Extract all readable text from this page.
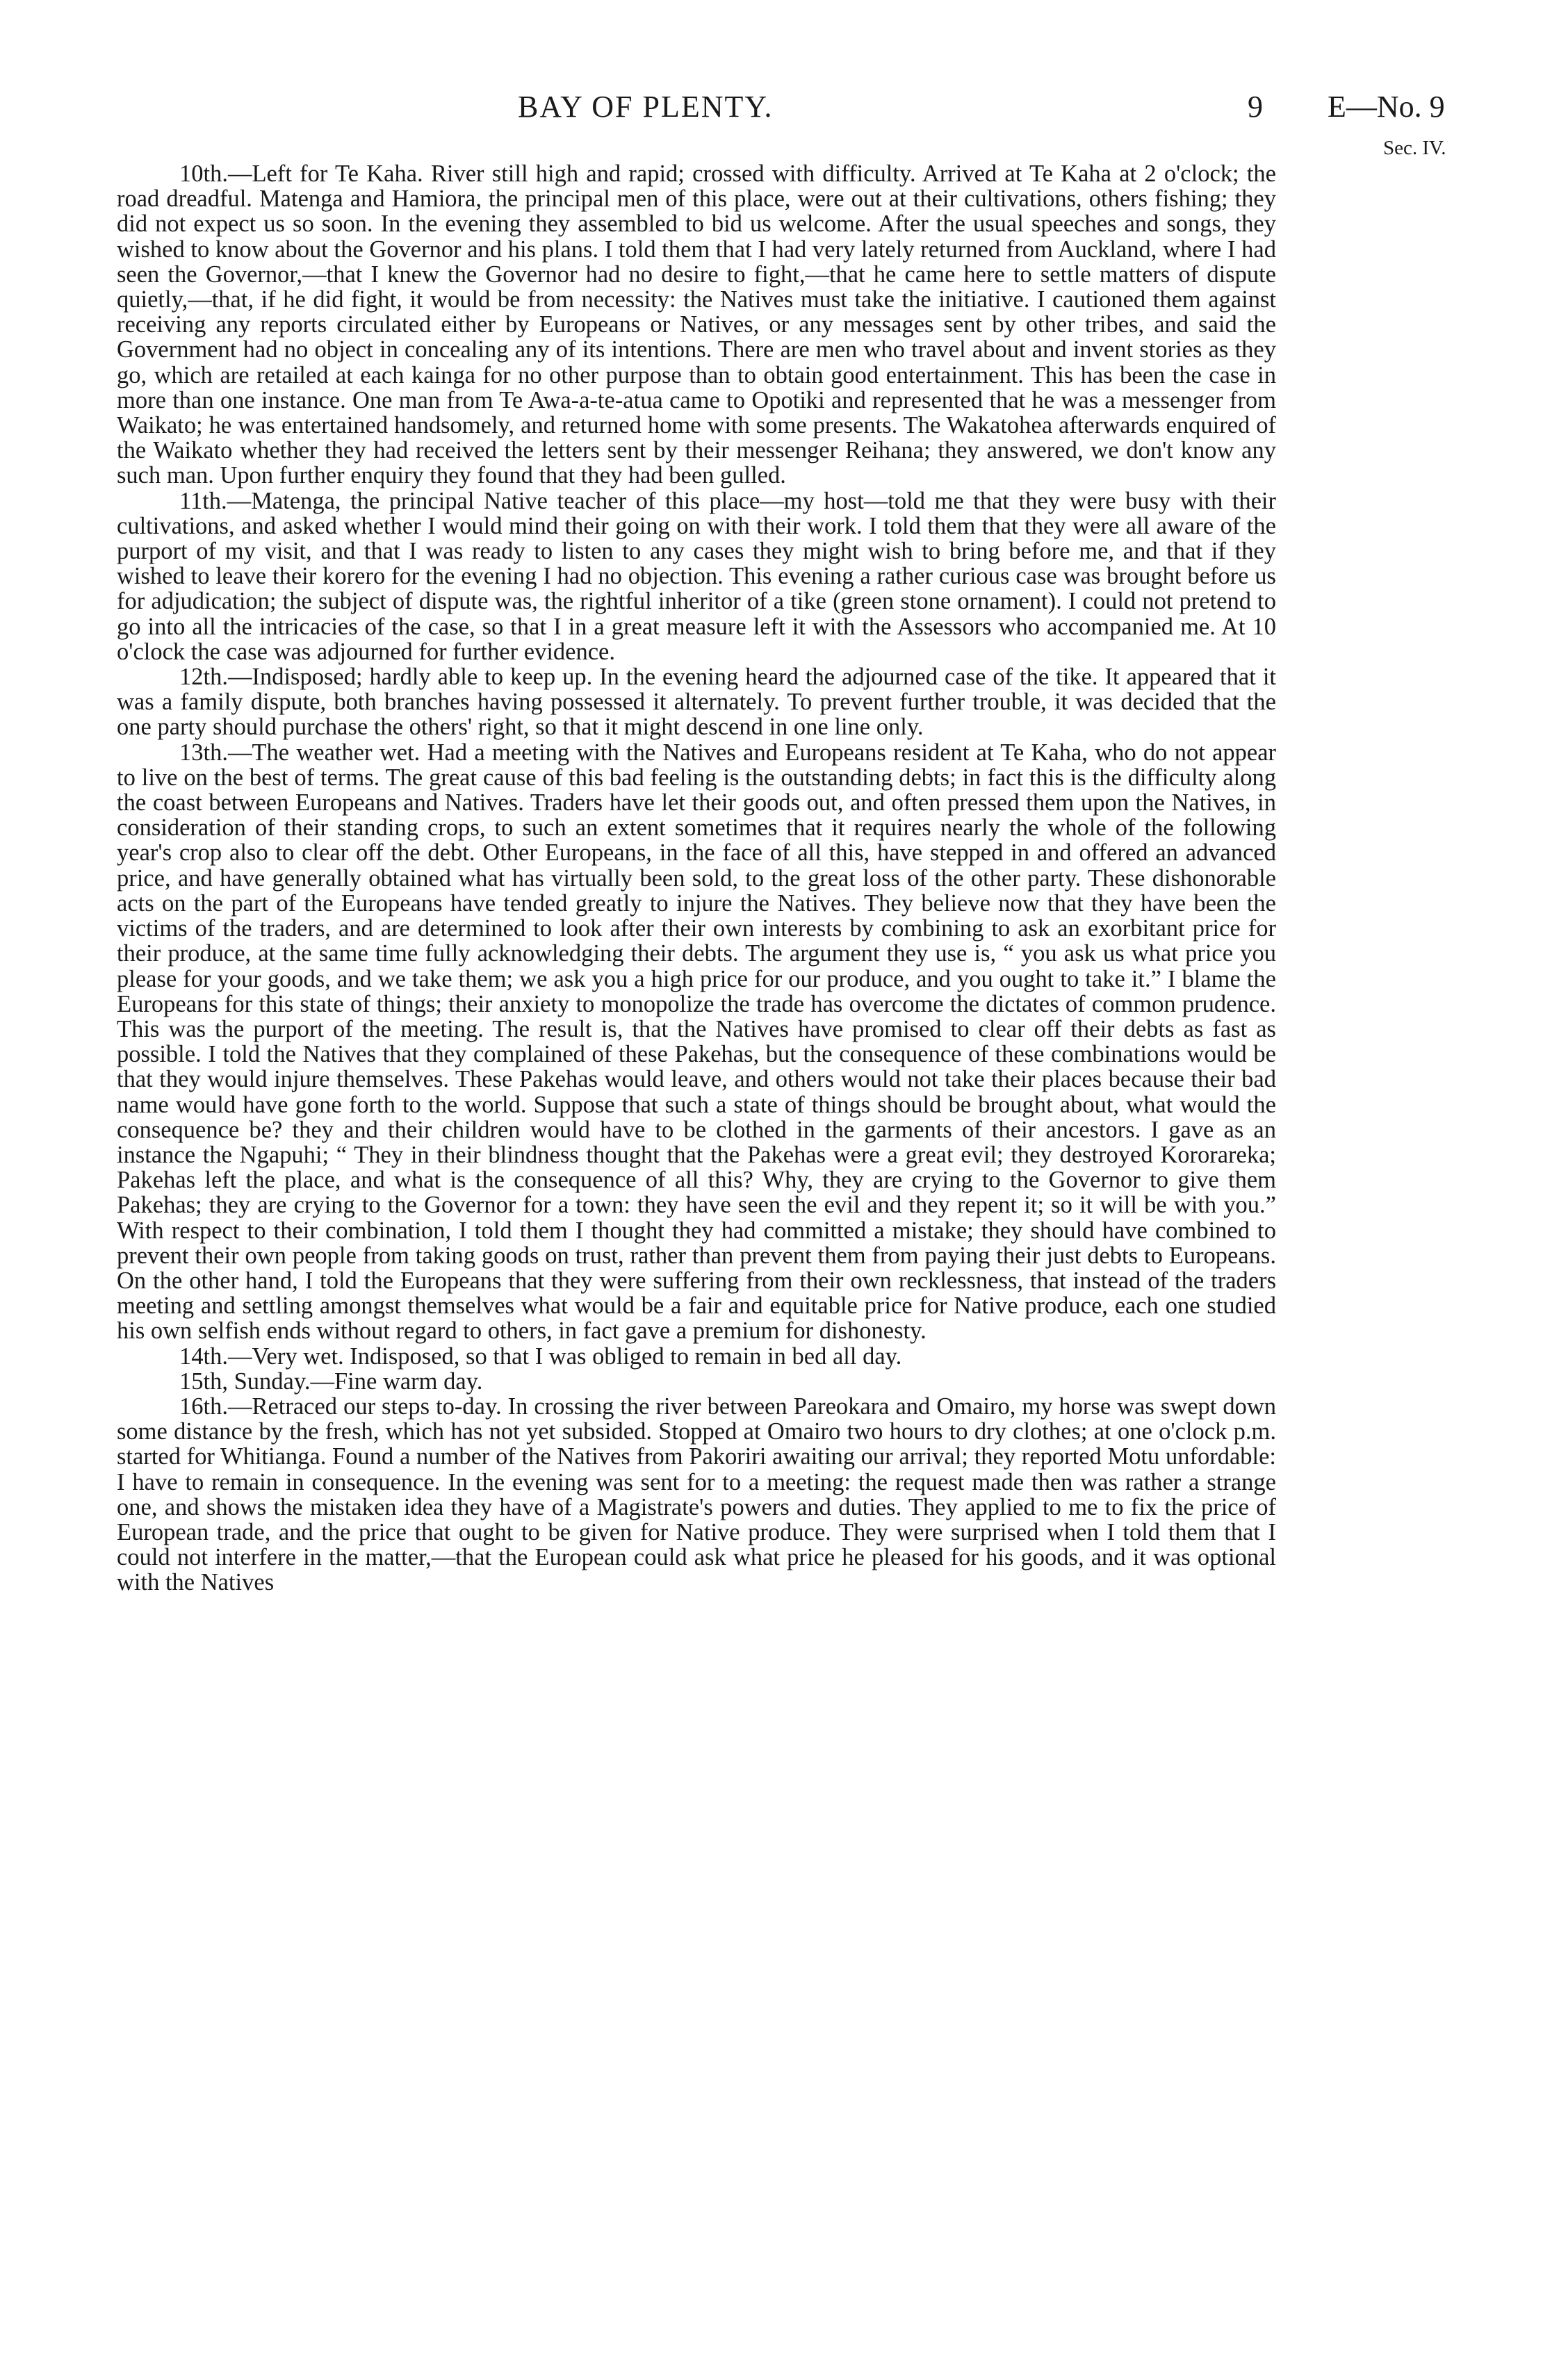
BAY OF PLENTY.	9 E—No. 9
Sec. IV.

10th.—Left for Te Kaha. River still high and rapid; crossed with difficulty. Arrived at Te Kaha at 2 o'clock; the road dreadful. Matenga and Hamiora, the principal men of this place, were out at their cultivations, others fishing; they did not expect us so soon. In the evening they assembled to bid us welcome. After the usual speeches and songs, they wished to know about the Governor and his plans. I told them that I had very lately returned from Auckland, where I had seen the Governor,—that I knew the Governor had no desire to fight,—that he came here to settle matters of dispute quietly,—that, if he did fight, it would be from necessity: the Natives must take the initiative. I cautioned them against receiving any reports circulated either by Europeans or Natives, or any messages sent by other tribes, and said the Government had no object in concealing any of its intentions. There are men who travel about and invent stories as they go, which are retailed at each kainga for no other purpose than to obtain good entertainment. This has been the case in more than one instance. One man from Te Awa-a-te-atua came to Opotiki and represented that he was a messenger from Waikato; he was entertained handsomely, and returned home with some presents. The Wakatohea afterwards enquired of the Waikato whether they had received the letters sent by their messenger Reihana; they answered, we don't know any such man. Upon further enquiry they found that they had been gulled.

11th.—Matenga, the principal Native teacher of this place—my host—told me that they were busy with their cultivations, and asked whether I would mind their going on with their work. I told them that they were all aware of the purport of my visit, and that I was ready to listen to any cases they might wish to bring before me, and that if they wished to leave their korero for the evening I had no objection. This evening a rather curious case was brought before us for adjudication; the subject of dispute was, the rightful inheritor of a tike (green stone ornament). I could not pretend to go into all the intricacies of the case, so that I in a great measure left it with the Assessors who accompanied me. At 10 o'clock the case was adjourned for further evidence.

12th.—Indisposed; hardly able to keep up. In the evening heard the adjourned case of the tike. It appeared that it was a family dispute, both branches having possessed it alternately. To prevent further trouble, it was decided that the one party should purchase the others' right, so that it might descend in one line only.

13th.—The weather wet. Had a meeting with the Natives and Europeans resident at Te Kaha, who do not appear to live on the best of terms. The great cause of this bad feeling is the outstanding debts; in fact this is the difficulty along the coast between Europeans and Natives. Traders have let their goods out, and often pressed them upon the Natives, in consideration of their standing crops, to such an extent sometimes that it requires nearly the whole of the following year's crop also to clear off the debt. Other Europeans, in the face of all this, have stepped in and offered an advanced price, and have generally obtained what has virtually been sold, to the great loss of the other party. These dishonorable acts on the part of the Europeans have tended greatly to injure the Natives. They believe now that they have been the victims of the traders, and are determined to look after their own interests by combining to ask an exorbitant price for their produce, at the same time fully acknowledging their debts. The argument they use is, “ you ask us what price you please for your goods, and we take them; we ask you a high price for our produce, and you ought to take it.” I blame the Europeans for this state of things; their anxiety to monopolize the trade has overcome the dictates of common prudence. This was the purport of the meeting. The result is, that the Natives have promised to clear off their debts as fast as possible. I told the Natives that they complained of these Pakehas, but the consequence of these combinations would be that they would injure themselves. These Pakehas would leave, and others would not take their places because their bad name would have gone forth to the world. Suppose that such a state of things should be brought about, what would the consequence be? they and their children would have to be clothed in the garments of their ancestors. I gave as an instance the Ngapuhi; “ They in their blindness thought that the Pakehas were a great evil; they destroyed Kororareka; Pakehas left the place, and what is the consequence of all this? Why, they are crying to the Governor to give them Pakehas; they are crying to the Governor for a town: they have seen the evil and they repent it; so it will be with you.” With respect to their combination, I told them I thought they had committed a mistake; they should have combined to prevent their own people from taking goods on trust, rather than prevent them from paying their just debts to Europeans. On the other hand, I told the Europeans that they were suffering from their own recklessness, that instead of the traders meeting and settling amongst themselves what would be a fair and equitable price for Native produce, each one studied his own selfish ends without regard to others, in fact gave a premium for dishonesty.

14th.—Very wet. Indisposed, so that I was obliged to remain in bed all day.

15th, Sunday.—Fine warm day.

16th.—Retraced our steps to-day. In crossing the river between Pareokara and Omairo, my horse was swept down some distance by the fresh, which has not yet subsided. Stopped at Omairo two hours to dry clothes; at one o'clock p.m. started for Whitianga. Found a number of the Natives from Pakoriri awaiting our arrival; they reported Motu unfordable: I have to remain in consequence. In the evening was sent for to a meeting: the request made then was rather a strange one, and shows the mistaken idea they have of a Magistrate's powers and duties. They applied to me to fix the price of European trade, and the price that ought to be given for Native produce. They were surprised when I told them that I could not interfere in the matter,—that the European could ask what price he pleased for his goods, and it was optional with the Natives
